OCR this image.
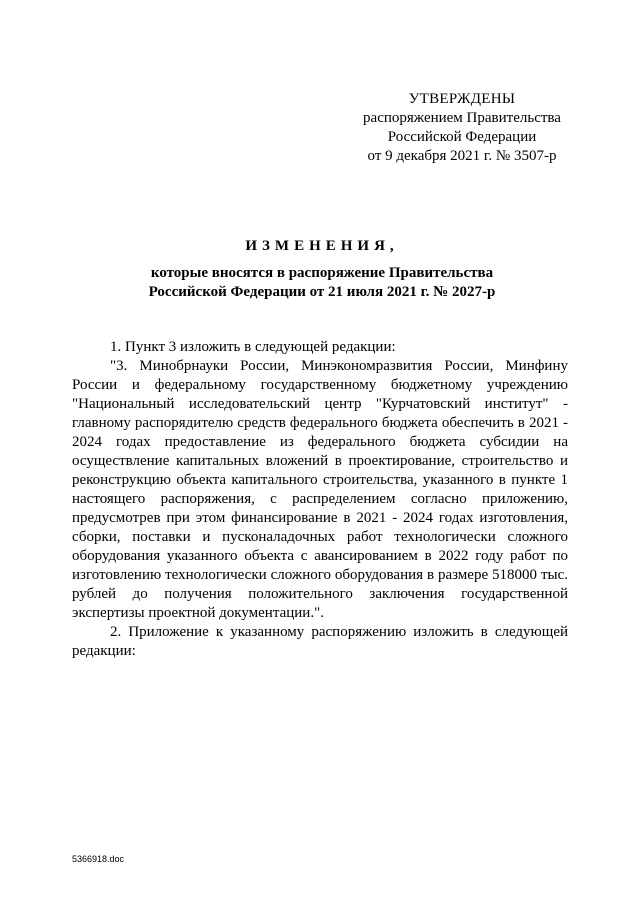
УТВЕРЖДЕНЫ
распоряжением Правительства
Российской Федерации
от 9 декабря 2021 г. № 3507-р
ИЗМЕНЕНИЯ,
которые вносятся в распоряжение Правительства
Российской Федерации от 21 июля 2021 г. № 2027-р

1. Пункт 3 изложить в следующей редакции:

"3. Минобрнауки России, Минэкономразвития России, Минфину России и федеральному государственному бюджетному учреждению "Национальный исследовательский центр "Курчатовский институт" - главному распорядителю средств федерального бюджета обеспечить в 2021 - 2024 годах предоставление из федерального бюджета субсидии на осуществление капитальных вложений в проектирование, строительство и реконструкцию объекта капитального строительства, указанного в пункте 1 настоящего распоряжения, с распределением согласно приложению, предусмотрев при этом финансирование в 2021 - 2024 годах изготовления, сборки, поставки и пусконаладочных работ технологически сложного оборудования указанного объекта с авансированием в 2022 году работ по изготовлению технологически сложного оборудования в размере 518000 тыс. рублей до получения положительного заключения государственной экспертизы проектной документации.".

2. Приложение к указанному распоряжению изложить в следующей редакции:

5366918.doc
